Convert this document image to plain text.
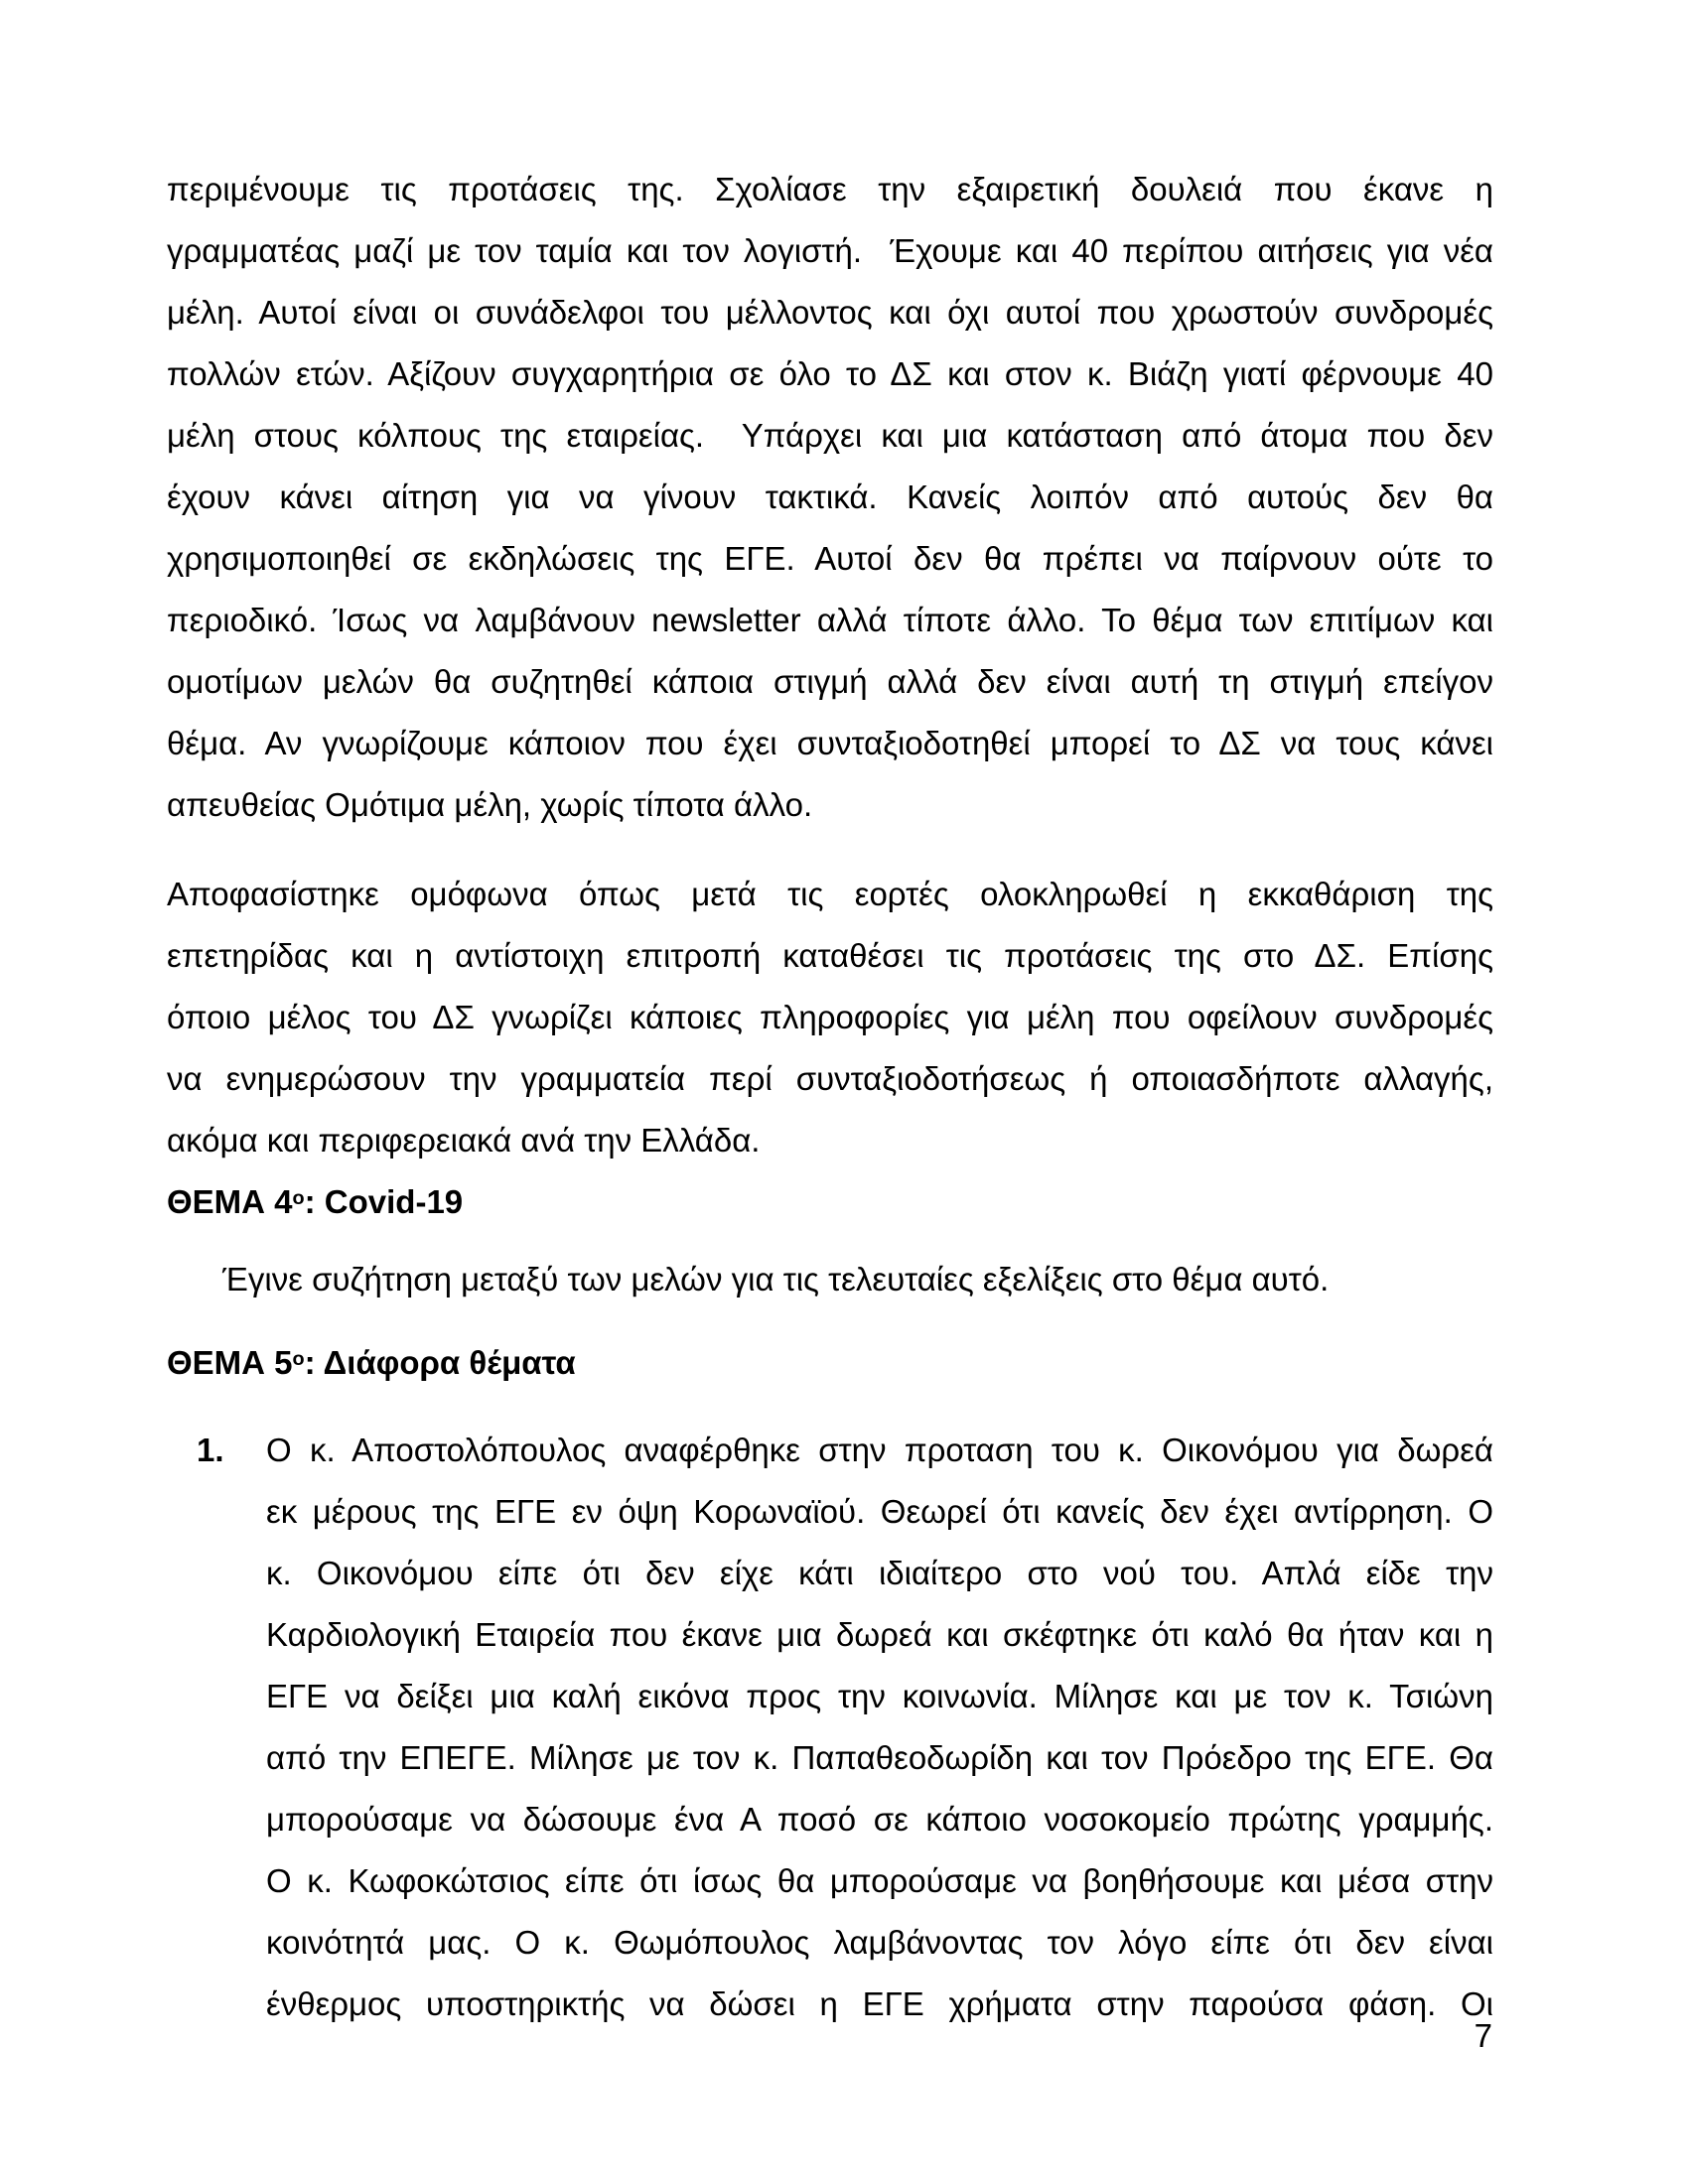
περιμένουμε τις προτάσεις της. Σχολίασε την εξαιρετική δουλειά που έκανε η
γραμματέας μαζί με τον ταμία και τον λογιστή.  Έχουμε και 40 περίπου αιτήσεις για νέα
μέλη. Αυτοί είναι οι συνάδελφοι του μέλλοντος και όχι αυτοί που χρωστούν συνδρομές
πολλών ετών. Αξίζουν συγχαρητήρια σε όλο το ΔΣ και στον κ. Βιάζη γιατί φέρνουμε 40
μέλη στους κόλπους της εταιρείας.  Υπάρχει και μια κατάσταση από άτομα που δεν
έχουν κάνει αίτηση για να γίνουν τακτικά. Κανείς λοιπόν από αυτούς δεν θα
χρησιμοποιηθεί σε εκδηλώσεις της ΕΓΕ. Αυτοί δεν θα πρέπει να παίρνουν ούτε το
περιοδικό. Ίσως να λαμβάνουν newsletter αλλά τίποτε άλλο. Το θέμα των επιτίμων και
ομοτίμων μελών θα συζητηθεί κάποια στιγμή αλλά δεν είναι αυτή τη στιγμή επείγον
θέμα. Αν γνωρίζουμε κάποιον που έχει συνταξιοδοτηθεί μπορεί το ΔΣ να τους κάνει
απευθείας Ομότιμα μέλη, χωρίς τίποτα άλλο.
Αποφασίστηκε ομόφωνα όπως μετά τις εορτές ολοκληρωθεί η εκκαθάριση της
επετηρίδας και η αντίστοιχη επιτροπή καταθέσει τις προτάσεις της στο ΔΣ. Επίσης
όποιο μέλος του ΔΣ γνωρίζει κάποιες πληροφορίες για μέλη που οφείλουν συνδρομές
να ενημερώσουν την γραμματεία περί συνταξιοδοτήσεως ή οποιασδήποτε αλλαγής,
ακόμα και περιφερειακά ανά την Ελλάδα.
ΘΕΜΑ $4^o$: Covid-19
Έγινε συζήτηση μεταξύ των μελών για τις τελευταίες εξελίξεις στο θέμα αυτό.
ΘΕΜΑ $5^o$: Διάφορα θέματα
1. Ο κ. Αποστολόπουλος αναφέρθηκε στην προταση του κ. Οικονόμου για δωρεά
εκ μέρους της ΕΓΕ εν όψη Κορωναϊού. Θεωρεί ότι κανείς δεν έχει αντίρρηση. Ο
κ. Οικονόμου είπε ότι δεν είχε κάτι ιδιαίτερο στο νού του. Απλά είδε την
Καρδιολογική Εταιρεία που έκανε μια δωρεά και σκέφτηκε ότι καλό θα ήταν και η
ΕΓΕ να δείξει μια καλή εικόνα προς την κοινωνία. Μίλησε και με τον κ. Τσιώνη
από την ΕΠΕΓΕ. Μίλησε με τον κ. Παπαθεοδωρίδη και τον Πρόεδρο της ΕΓΕ. Θα
μπορούσαμε να δώσουμε ένα Α ποσό σε κάποιο νοσοκομείο πρώτης γραμμής.
Ο κ. Κωφοκώτσιος είπε ότι ίσως θα μπορούσαμε να βοηθήσουμε και μέσα στην
κοινότητά μας. Ο κ. Θωμόπουλος λαμβάνοντας τον λόγο είπε ότι δεν είναι
ένθερμος υποστηρικτής να δώσει η ΕΓΕ χρήματα στην παρούσα φάση. Οι
7
